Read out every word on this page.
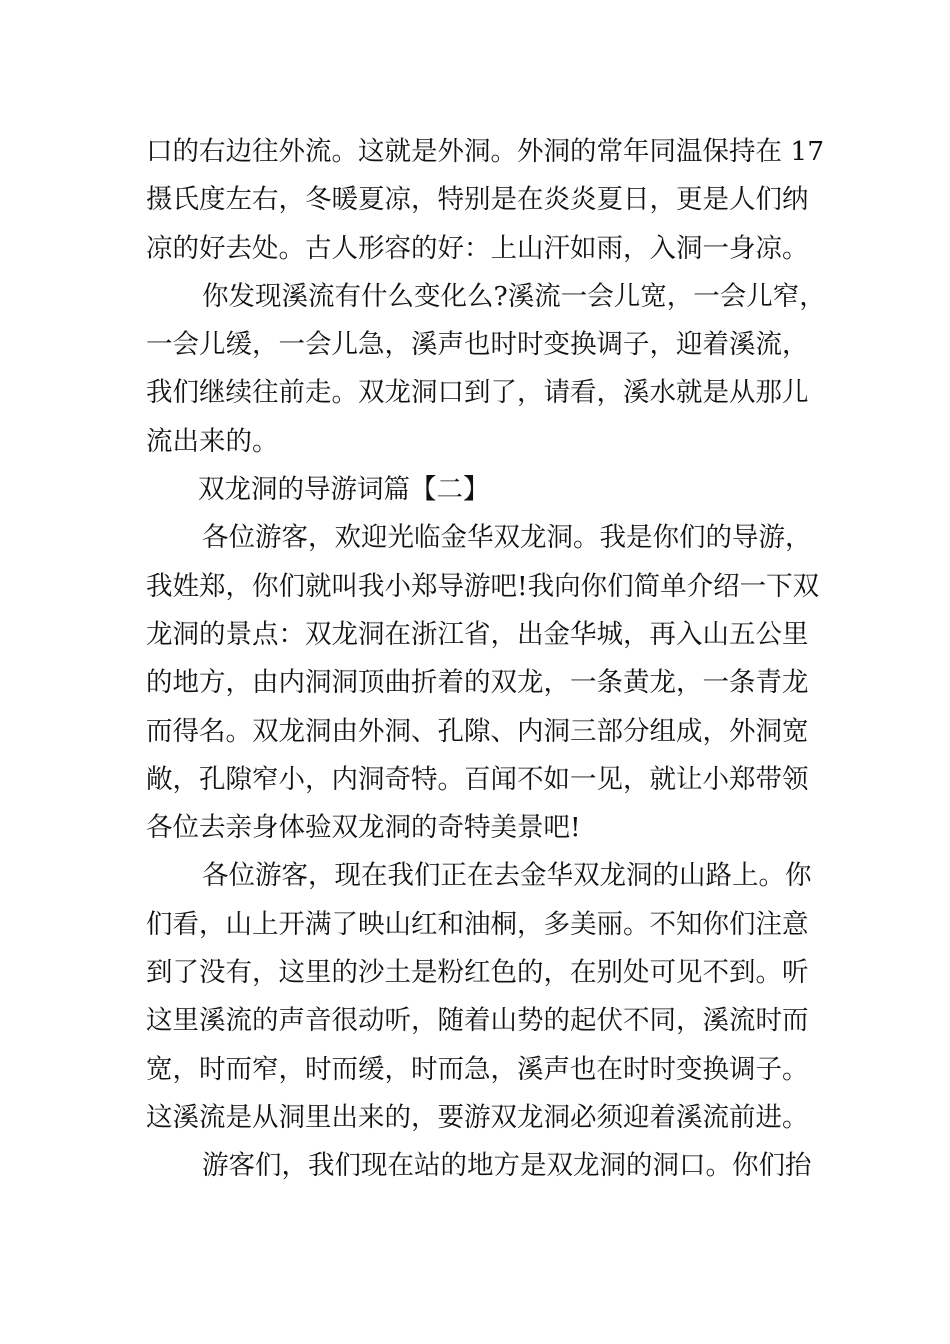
口的右边往外流。这就是外洞。外洞的常年同温保持在 17
摄氏度左右，冬暖夏凉，特别是在炎炎夏日，更是人们纳
凉的好去处。古人形容的好：上山汗如雨，入洞一身凉。
你发现溪流有什么变化么?溪流一会儿宽，一会儿窄，
一会儿缓，一会儿急，溪声也时时变换调子，迎着溪流，
我们继续往前走。双龙洞口到了，请看，溪水就是从那儿
流出来的。
双龙洞的导游词篇【二】
各位游客，欢迎光临金华双龙洞。我是你们的导游，
我姓郑，你们就叫我小郑导游吧!我向你们简单介绍一下双
龙洞的景点：双龙洞在浙江省，出金华城，再入山五公里
的地方，由内洞洞顶曲折着的双龙，一条黄龙，一条青龙
而得名。双龙洞由外洞、孔隙、内洞三部分组成，外洞宽
敞，孔隙窄小，内洞奇特。百闻不如一见，就让小郑带领
各位去亲身体验双龙洞的奇特美景吧!
各位游客，现在我们正在去金华双龙洞的山路上。你
们看，山上开满了映山红和油桐，多美丽。不知你们注意
到了没有，这里的沙土是粉红色的，在别处可见不到。听
这里溪流的声音很动听，随着山势的起伏不同，溪流时而
宽，时而窄，时而缓，时而急，溪声也在时时变换调子。
这溪流是从洞里出来的，要游双龙洞必须迎着溪流前进。
游客们，我们现在站的地方是双龙洞的洞口。你们抬
